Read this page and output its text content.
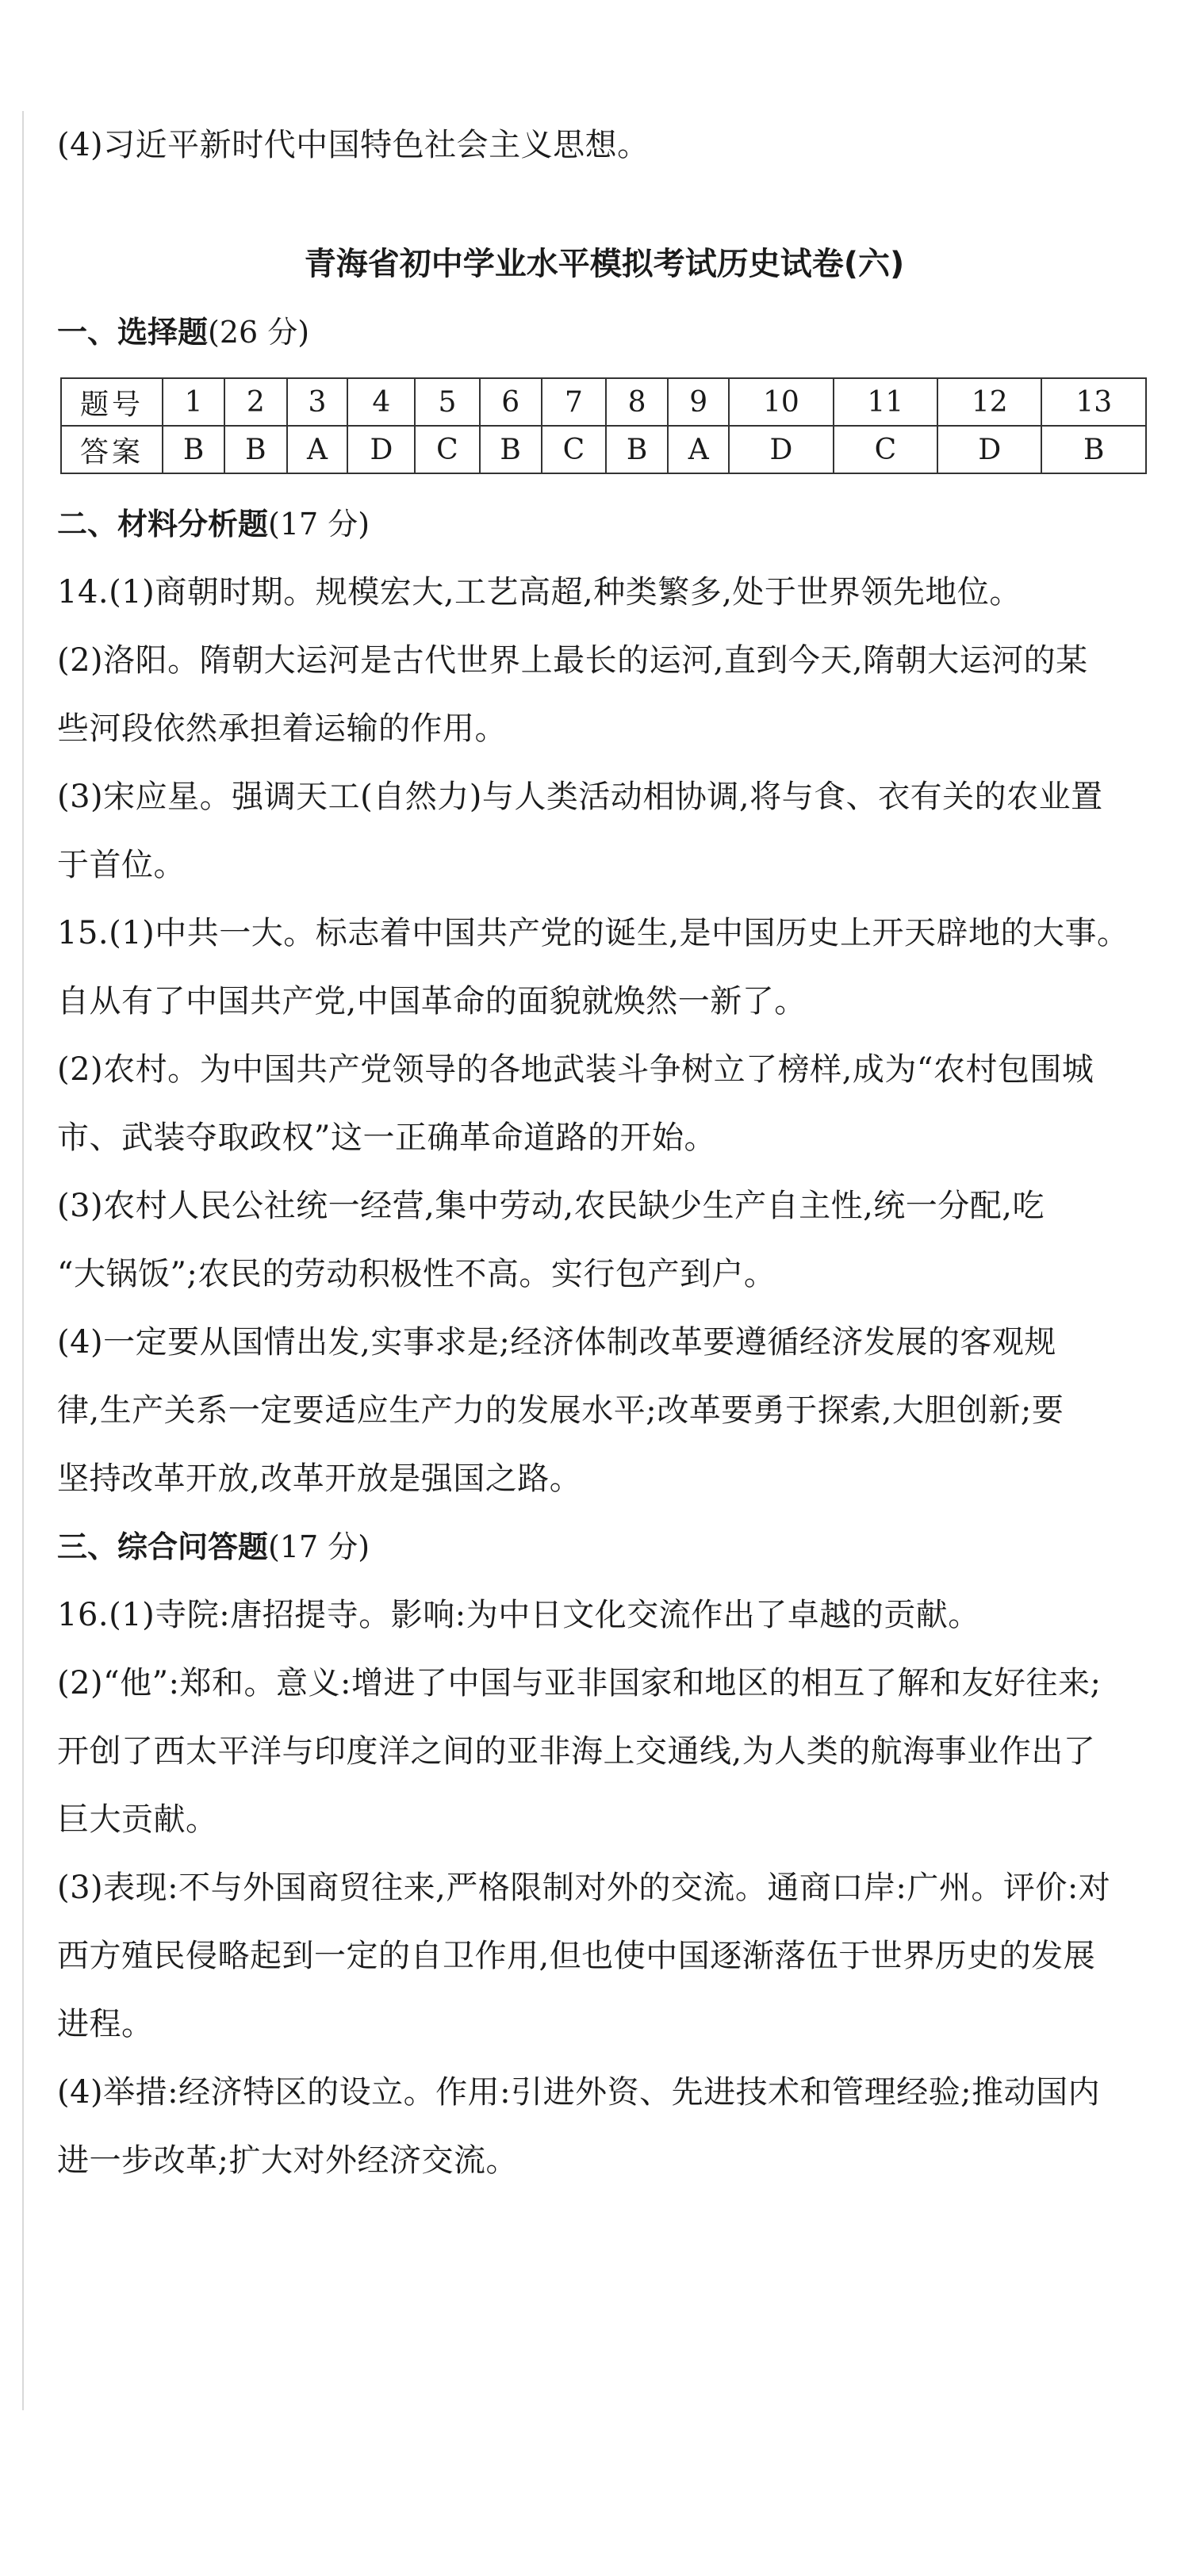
(4)习近平新时代中国特色社会主义思想。

青海省初中学业水平模拟考试历史试卷(六)
一、选择题(26 分)
题号	1	2	3	4	5	6	7	8	9	10	11	12	13
答案	B	B	A	D	C	B	C	B	A	D	C	D	B
二、材料分析题(17 分)

14.(1)商朝时期。规模宏大,工艺高超,种类繁多,处于世界领先地位。

(2)洛阳。隋朝大运河是古代世界上最长的运河,直到今天,隋朝大运河的某

些河段依然承担着运输的作用。

(3)宋应星。强调天工(自然力)与人类活动相协调,将与食、衣有关的农业置

于首位。

15.(1)中共一大。标志着中国共产党的诞生,是中国历史上开天辟地的大事。

自从有了中国共产党,中国革命的面貌就焕然一新了。

(2)农村。为中国共产党领导的各地武装斗争树立了榜样,成为“农村包围城

市、武装夺取政权”这一正确革命道路的开始。

(3)农村人民公社统一经营,集中劳动,农民缺少生产自主性,统一分配,吃

“大锅饭”;农民的劳动积极性不高。实行包产到户。

(4)一定要从国情出发,实事求是;经济体制改革要遵循经济发展的客观规

律,生产关系一定要适应生产力的发展水平;改革要勇于探索,大胆创新;要

坚持改革开放,改革开放是强国之路。

三、综合问答题(17 分)

16.(1)寺院:唐招提寺。影响:为中日文化交流作出了卓越的贡献。

(2)“他”:郑和。意义:增进了中国与亚非国家和地区的相互了解和友好往来;

开创了西太平洋与印度洋之间的亚非海上交通线,为人类的航海事业作出了

巨大贡献。

(3)表现:不与外国商贸往来,严格限制对外的交流。通商口岸:广州。评价:对

西方殖民侵略起到一定的自卫作用,但也使中国逐渐落伍于世界历史的发展

进程。

(4)举措:经济特区的设立。作用:引进外资、先进技术和管理经验;推动国内

进一步改革;扩大对外经济交流。
